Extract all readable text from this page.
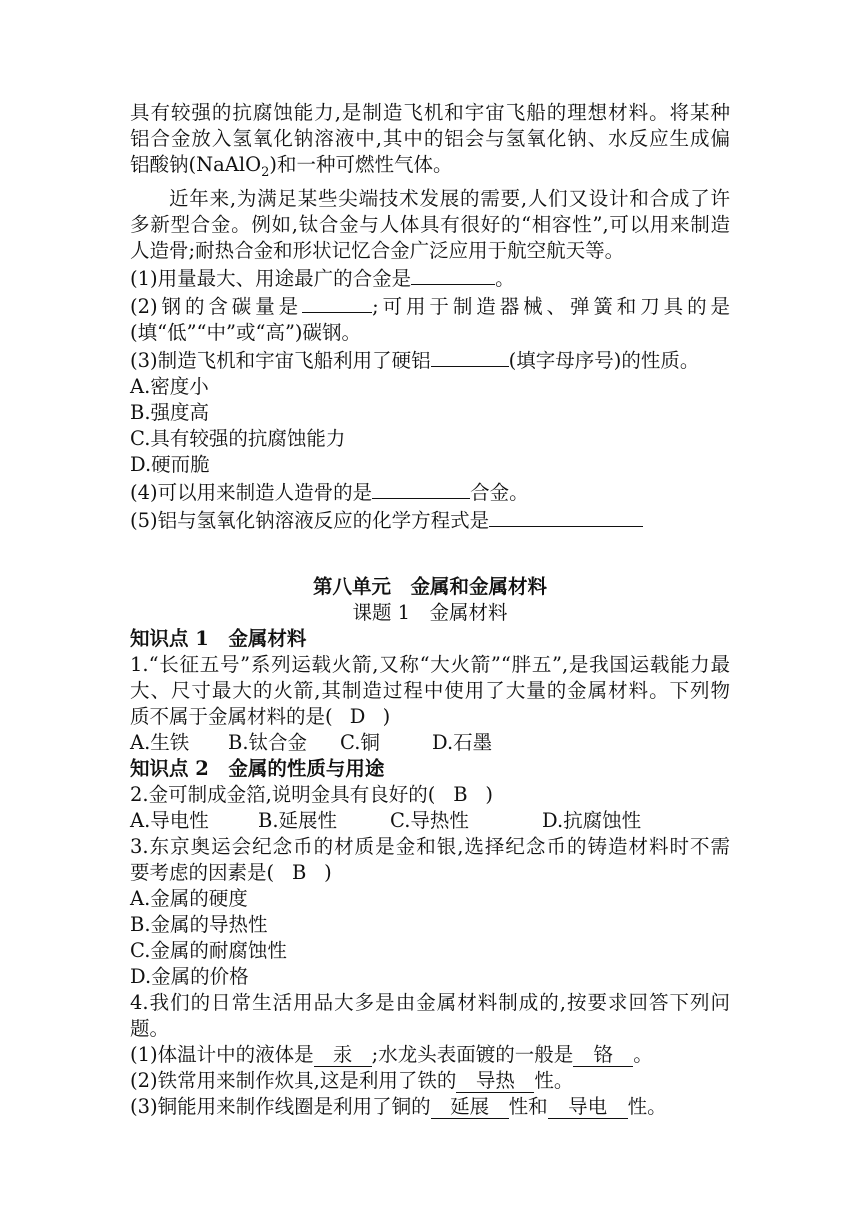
具有较强的抗腐蚀能力,是制造飞机和宇宙飞船的理想材料。将某种

铝合金放入氢氧化钠溶液中,其中的铝会与氢氧化钠、水反应生成偏

铝酸钠(NaAlO$_2$)和一种可燃性气体。

近年来,为满足某些尖端技术发展的需要,人们又设计和合成了许

多新型合金。例如,钛合金与人体具有很好的“相容性”,可以用来制造

人造骨;耐热合金和形状记忆合金广泛应用于航空航天等。

(1)用量最大、用途最广的合金是	。

(2)钢的含碳量是	;可用于制造器械、弹簧和刀具的是

(填“低”“中”或“高”)碳钢。

(3)制造飞机和宇宙飞船利用了硬铝	(填字母序号)的性质。

A.密度小

B.强度高

C.具有较强的抗腐蚀能力

D.硬而脆

(4)可以用来制造人造骨的是	合金。

(5)铝与氢氧化钠溶液反应的化学方程式是

第八单元　金属和金属材料

课题 1　金属材料

知识点 1　金属材料

1.“长征五号”系列运载火箭,又称“大火箭”“胖五”,是我国运载能力最

大、尺寸最大的火箭,其制造过程中使用了大量的金属材料。下列物

质不属于金属材料的是( D )

A.生铁 B.钛合金 C.铜	D.石墨

知识点 2　金属的性质与用途

2.金可制成金箔,说明金具有良好的( B )

A.导电性	B.延展性	C.导热性	D.抗腐蚀性

3.东京奥运会纪念币的材质是金和银,选择纪念币的铸造材料时不需

要考虑的因素是( B )

A.金属的硬度

B.金属的导热性

C.金属的耐腐蚀性

D.金属的价格

4.我们的日常生活用品大多是由金属材料制成的,按要求回答下列问

题。

(1)体温计中的液体是 汞 ;水龙头表面镀的一般是 铬 。

(2)铁常用来制作炊具,这是利用了铁的 导热 性。

(3)铜能用来制作线圈是利用了铜的 延展 性和 导电 性。
